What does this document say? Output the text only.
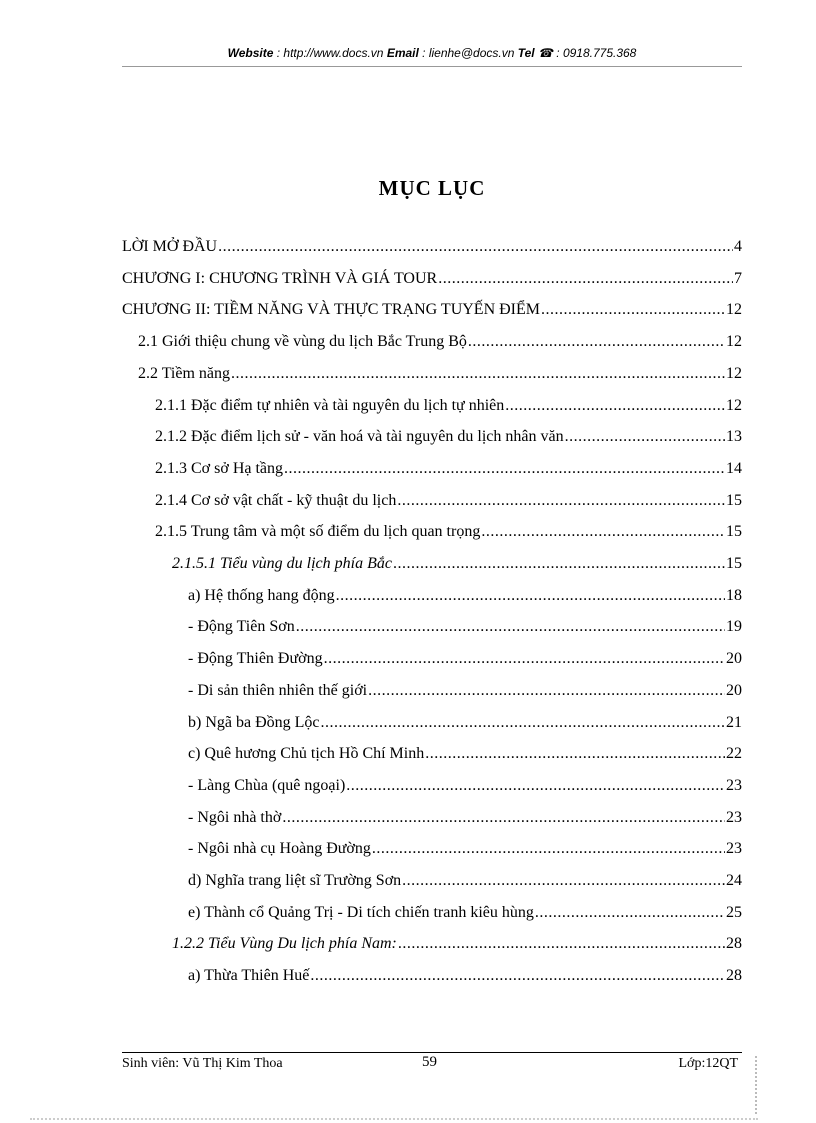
Website : http://www.docs.vn Email : lienhe@docs.vn Tel ☎ : 0918.775.368
MỤC LỤC
LỜI MỞ ĐẦU .....	4
CHƯƠNG I: CHƯƠNG TRÌNH VÀ GIÁ TOUR .....	7
CHƯƠNG II: TIỀM NĂNG VÀ THỰC TRẠNG TUYẾN ĐIỂM .....	12
2.1 Giới thiệu chung về vùng du lịch Bắc Trung Bộ .....	12
2.2 Tiềm năng .....	12
2.1.1 Đặc điểm tự nhiên và tài nguyên du lịch tự nhiên .....	12
2.1.2 Đặc điểm lịch sử - văn hoá và tài nguyên du lịch nhân văn .....	13
2.1.3 Cơ sở Hạ tầng .....	14
2.1.4 Cơ sở vật chất - kỹ thuật du lịch .....	15
2.1.5 Trung tâm và một số điểm du lịch quan trọng .....	15
2.1.5.1 Tiểu vùng du lịch phía Bắc .....	15
a) Hệ thống hang động .....	18
- Động Tiên Sơn .....	19
- Động Thiên Đường .....	20
- Di sản thiên nhiên thế giới .....	20
b) Ngã ba Đồng Lộc .....	21
c) Quê hương Chủ tịch Hồ Chí Minh .....	22
- Làng Chùa (quê ngoại) .....	23
- Ngôi nhà thờ .....	23
- Ngôi nhà cụ Hoàng Đường .....	23
d) Nghĩa trang liệt sĩ Trường Sơn .....	24
e) Thành cổ Quảng Trị - Di tích chiến tranh kiêu hùng .....	25
1.2.2 Tiểu Vùng Du lịch phía Nam: .....	28
a) Thừa Thiên Huế .....	28
Sinh viên: Vũ Thị Kim Thoa	59	Lớp:12QT
